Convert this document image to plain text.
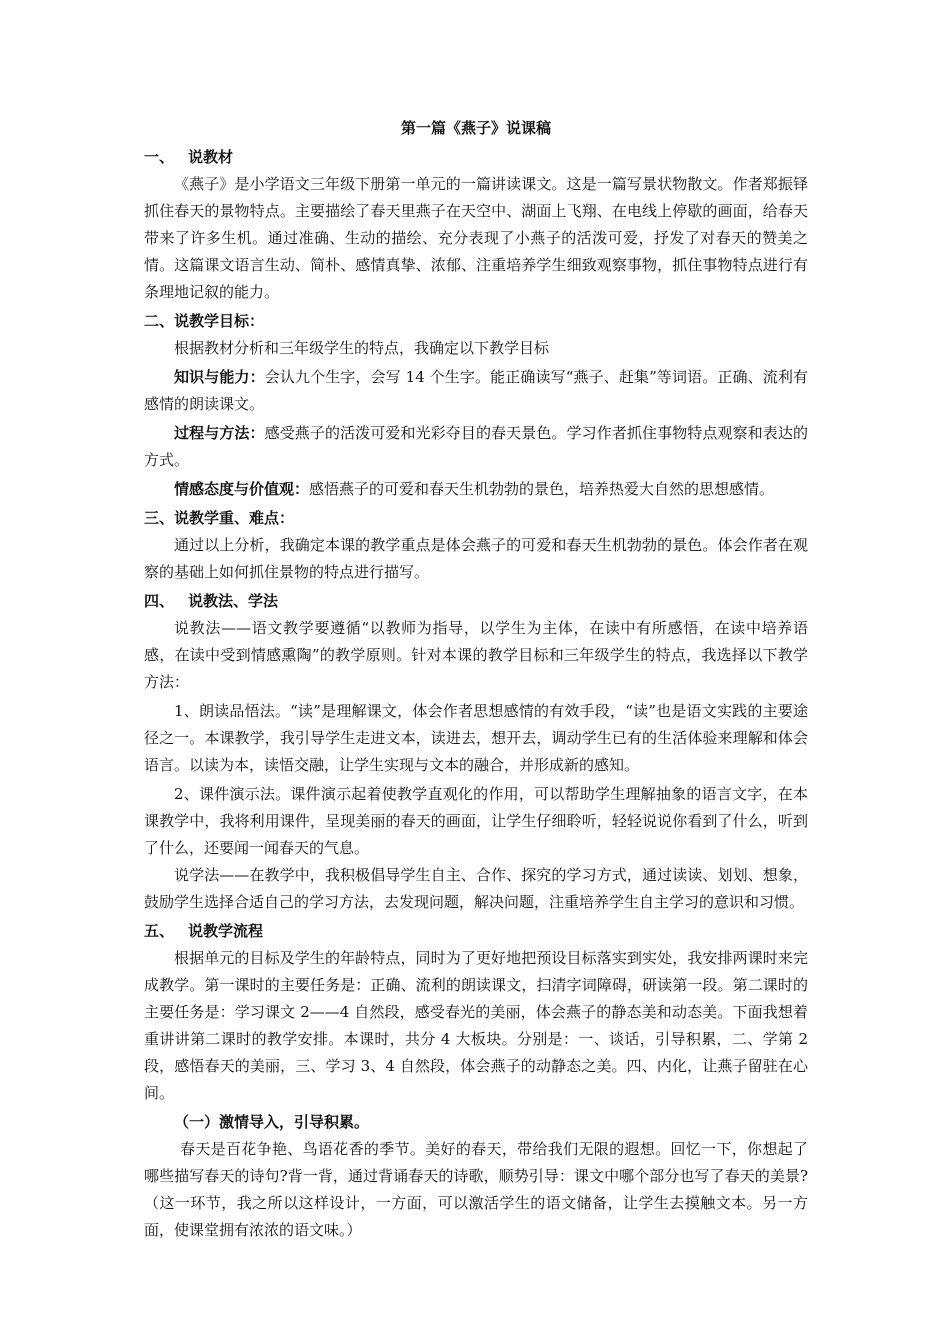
第一篇《燕子》说课稿
一、 说教材

《燕子》是小学语文三年级下册第一单元的一篇讲读课文。这是一篇写景状物散文。作者郑振铎抓住春天的景物特点。主要描绘了春天里燕子在天空中、湖面上飞翔、在电线上停歇的画面，给春天带来了许多生机。通过准确、生动的描绘、充分表现了小燕子的活泼可爱，抒发了对春天的赞美之情。这篇课文语言生动、简朴、感情真挚、浓郁、注重培养学生细致观察事物，抓住事物特点进行有条理地记叙的能力。

二、说教学目标：

根据教材分析和三年级学生的特点，我确定以下教学目标

知识与能力：会认九个生字，会写 14 个生字。能正确读写“燕子、赶集”等词语。正确、流利有感情的朗读课文。

过程与方法：感受燕子的活泼可爱和光彩夺目的春天景色。学习作者抓住事物特点观察和表达的方式。

情感态度与价值观：感悟燕子的可爱和春天生机勃勃的景色，培养热爱大自然的思想感情。

三、说教学重、难点：

通过以上分析，我确定本课的教学重点是体会燕子的可爱和春天生机勃勃的景色。体会作者在观察的基础上如何抓住景物的特点进行描写。

四、 说教法、学法

说教法——语文教学要遵循“以教师为指导，以学生为主体，在读中有所感悟，在读中培养语感，在读中受到情感熏陶”的教学原则。针对本课的教学目标和三年级学生的特点，我选择以下教学方法：

1、朗读品悟法。“读”是理解课文，体会作者思想感情的有效手段，“读”也是语文实践的主要途径之一。本课教学，我引导学生走进文本，读进去，想开去，调动学生已有的生活体验来理解和体会语言。以读为本，读悟交融，让学生实现与文本的融合，并形成新的感知。

2、课件演示法。课件演示起着使教学直观化的作用，可以帮助学生理解抽象的语言文字，在本课教学中，我将利用课件，呈现美丽的春天的画面，让学生仔细聆听，轻轻说说你看到了什么，听到了什么，还要闻一闻春天的气息。

说学法——在教学中，我积极倡导学生自主、合作、探究的学习方式，通过读读、划划、想象，鼓励学生选择合适自己的学习方法，去发现问题，解决问题，注重培养学生自主学习的意识和习惯。

五、 说教学流程

根据单元的目标及学生的年龄特点，同时为了更好地把预设目标落实到实处，我安排两课时来完成教学。第一课时的主要任务是：正确、流利的朗读课文，扫清字词障碍，研读第一段。第二课时的主要任务是：学习课文 2——4 自然段，感受春光的美丽，体会燕子的静态美和动态美。下面我想着重讲讲第二课时的教学安排。本课时，共分 4 大板块。分别是：一、谈话，引导积累，二、学第 2 段，感悟春天的美丽，三、学习 3、4 自然段，体会燕子的动静态之美。四、内化，让燕子留驻在心间。

（一）激情导入，引导积累。

春天是百花争艳、鸟语花香的季节。美好的春天，带给我们无限的遐想。回忆一下，你想起了哪些描写春天的诗句?背一背，通过背诵春天的诗歌，顺势引导：课文中哪个部分也写了春天的美景?（这一环节，我之所以这样设计，一方面，可以激活学生的语文储备，让学生去摸触文本。另一方面，使课堂拥有浓浓的语文味。）
